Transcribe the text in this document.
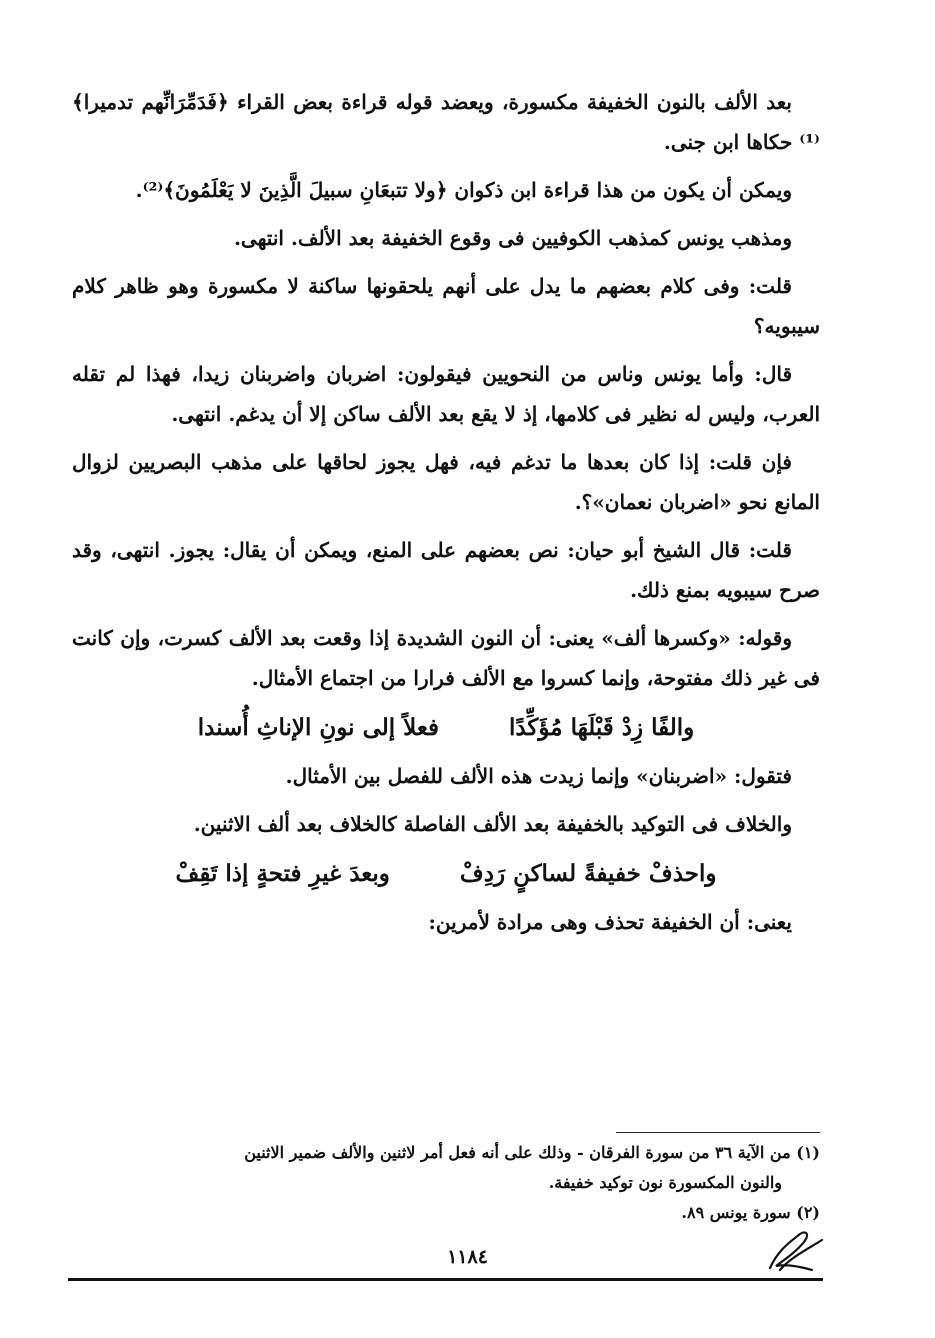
بعد الألف بالنون الخفيفة مكسورة، ويعضد قوله قراءة بعض القراء ﴿فَدَمِّرَانِّهم تدميرا﴾⁽¹⁾ حكاها ابن جنى.

ويمكن أن يكون من هذا قراءة ابن ذكوان ﴿ولا تتبعَانِ سبيلَ الَّذِينَ لا يَعْلَمُونَ﴾⁽²⁾.

ومذهب يونس كمذهب الكوفيين فى وقوع الخفيفة بعد الألف. انتهى.

قلت: وفى كلام بعضهم ما يدل على أنهم يلحقونها ساكنة لا مكسورة وهو ظاهر كلام سيبويه؟

قال: وأما يونس وناس من النحويين فيقولون: اضربان واضربنان زيدا، فهذا لم تقله العرب، وليس له نظير فى كلامها، إذ لا يقع بعد الألف ساكن إلا أن يدغم. انتهى.

فإن قلت: إذا كان بعدها ما تدغم فيه، فهل يجوز لحاقها على مذهب البصريين لزوال المانع نحو «اضربان نعمان»؟.

قلت: قال الشيخ أبو حيان: نص بعضهم على المنع، ويمكن أن يقال: يجوز. انتهى، وقد صرح سيبويه بمنع ذلك.

وقوله: «وكسرها ألف» يعنى: أن النون الشديدة إذا وقعت بعد الألف كسرت، وإن كانت فى غير ذلك مفتوحة، وإنما كسروا مع الألف فرارا من اجتماع الأمثال.

والفًا زِدْ قَبْلَهَا مُؤَكِّدًا
فعلاً إلى نونِ الإناثِ أُسندا

فتقول: «اضربنان» وإنما زيدت هذه الألف للفصل بين الأمثال.

والخلاف فى التوكيد بالخفيفة بعد الألف الفاصلة كالخلاف بعد ألف الاثنين.

واحذفْ خفيفةً لساكنٍ رَدِفْ
وبعدَ غيرِ فتحةٍ إذا تَقِفْ

يعنى: أن الخفيفة تحذف وهى مرادة لأمرين:

(١) من الآية ٣٦ من سورة الفرقان - وذلك على أنه فعل أمر لاثنين والألف ضمير الاثنين

والنون المكسورة نون توكيد خفيفة.

(٢) سورة يونس ٨٩.

١١٨٤
